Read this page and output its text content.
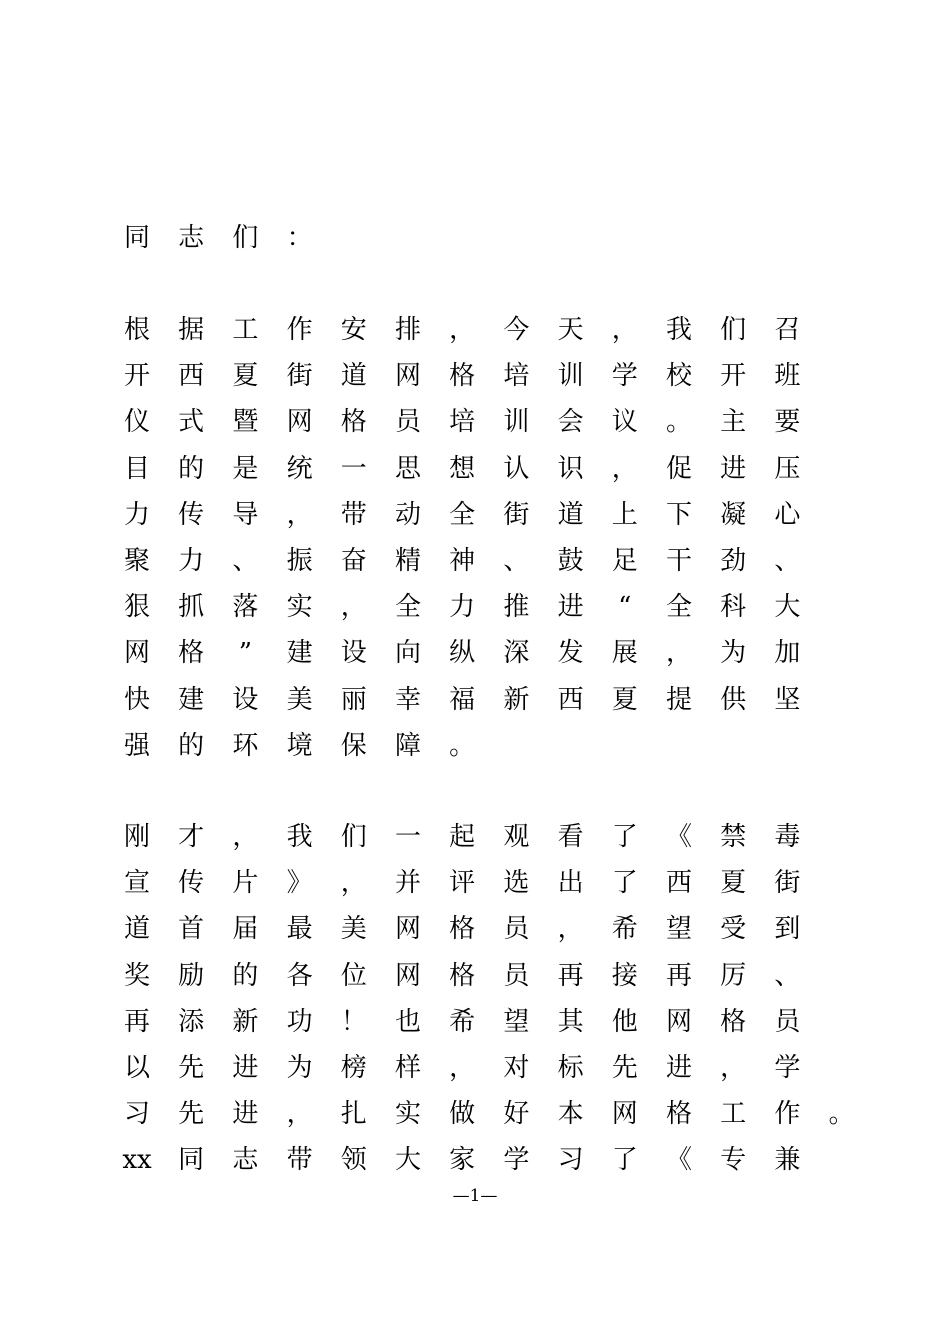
同	志	们	：
根	据	工	作	安	排	，	今	天	，	我	们	召
开	西	夏	街	道	网	格	培	训	学	校	开	班
仪	式	暨	网	格	员	培	训	会	议	。	主	要
目	的	是	统	一	思	想	认	识	，	促	进	压
力	传	导	，	带	动	全	街	道	上	下	凝	心
聚	力	、	振	奋	精	神	、	鼓	足	干	劲	、
狠	抓	落	实	，	全	力	推	进	“	全	科	大
网	格	”	建	设	向	纵	深	发	展	，	为	加
快	建	设	美	丽	幸	福	新	西	夏	提	供	坚
强	的	环	境	保	障	。
刚	才	，	我	们	一	起	观	看	了	《	禁	毒
宣	传	片	》	，	并	评	选	出	了	西	夏	街
道	首	届	最	美	网	格	员	，	希	望	受	到
奖	励	的	各	位	网	格	员	再	接	再	厉	、
再	添	新	功	！	也	希	望	其	他	网	格	员
以	先	进	为	榜	样	，	对	标	先	进	，	学
习	先	进	，	扎	实	做	好	本	网	格	工	作	。
xx	同	志	带	领	大	家	学	习	了	《	专	兼
—1—
